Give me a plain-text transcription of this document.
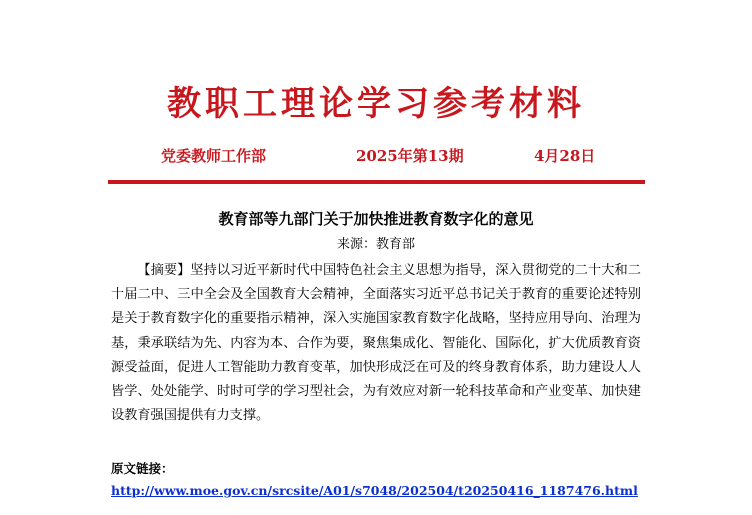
教职工理论学习参考材料
党委教师工作部	2025年第13期	4月28日
教育部等九部门关于加快推进教育数字化的意见
来源：教育部

【摘要】坚持以习近平新时代中国特色社会主义思想为指导，深入贯彻党的二十大和二十届二中、三中全会及全国教育大会精神，全面落实习近平总书记关于教育的重要论述特别是关于教育数字化的重要指示精神，深入实施国家教育数字化战略，坚持应用导向、治理为基，秉承联结为先、内容为本、合作为要，聚焦集成化、智能化、国际化，扩大优质教育资源受益面，促进人工智能助力教育变革，加快形成泛在可及的终身教育体系，助力建设人人皆学、处处能学、时时可学的学习型社会，为有效应对新一轮科技革命和产业变革、加快建设教育强国提供有力支撑。

原文链接：
http://www.moe.gov.cn/srcsite/A01/s7048/202504/t20250416_1187476.html
